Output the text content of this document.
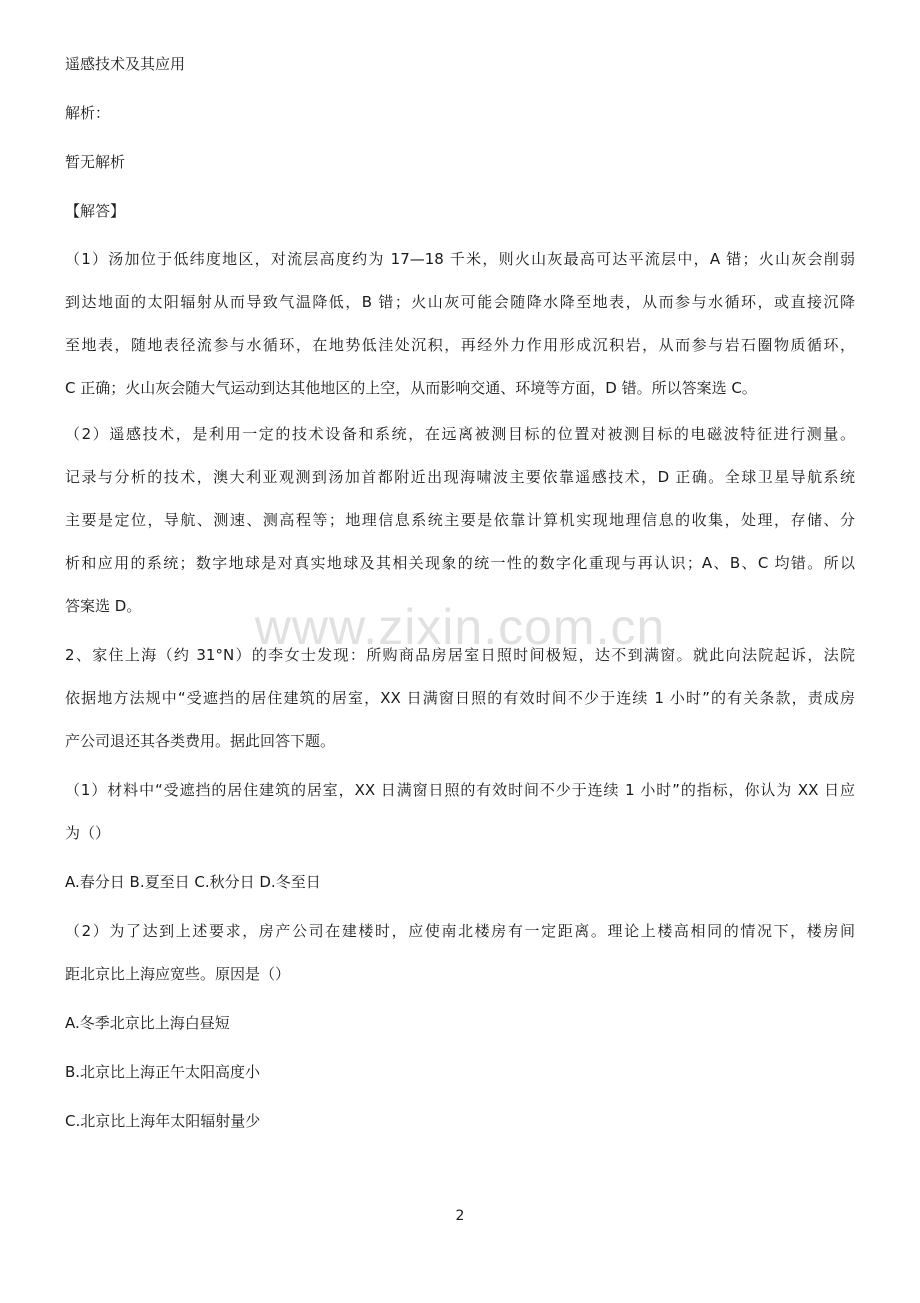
www.zixin.com.cn

遥感技术及其应用

解析：

暂无解析

【解答】

（1）汤加位于低纬度地区，对流层高度约为 17—18 千米，则火山灰最高可达平流层中，A 错；火山灰会削弱
到达地面的太阳辐射从而导致气温降低，B 错；火山灰可能会随降水降至地表，从而参与水循环，或直接沉降
至地表，随地表径流参与水循环，在地势低洼处沉积，再经外力作用形成沉积岩，从而参与岩石圈物质循环，
C 正确；火山灰会随大气运动到达其他地区的上空，从而影响交通、环境等方面，D 错。所以答案选 C。
（2）遥感技术，是利用一定的技术设备和系统，在远离被测目标的位置对被测目标的电磁波特征进行测量。
记录与分析的技术，澳大利亚观测到汤加首都附近出现海啸波主要依靠遥感技术，D 正确。全球卫星导航系统
主要是定位，导航、测速、测高程等；地理信息系统主要是依靠计算机实现地理信息的收集，处理，存储、分
析和应用的系统；数字地球是对真实地球及其相关现象的统一性的数字化重现与再认识；A、B、C 均错。所以
答案选 D。
2、家住上海（约 31°N）的李女士发现：所购商品房居室日照时间极短，达不到满窗。就此向法院起诉，法院
依据地方法规中“受遮挡的居住建筑的居室，XX 日满窗日照的有效时间不少于连续 1 小时”的有关条款，责成房
产公司退还其各类费用。据此回答下题。
（1）材料中“受遮挡的居住建筑的居室，XX 日满窗日照的有效时间不少于连续 1 小时”的指标，你认为 XX 日应
为（）
A.春分日 B.夏至日 C.秋分日 D.冬至日
（2）为了达到上述要求，房产公司在建楼时，应使南北楼房有一定距离。理论上楼高相同的情况下，楼房间
距北京比上海应宽些。原因是（）
A.冬季北京比上海白昼短
B.北京比上海正午太阳高度小
C.北京比上海年太阳辐射量少
2
